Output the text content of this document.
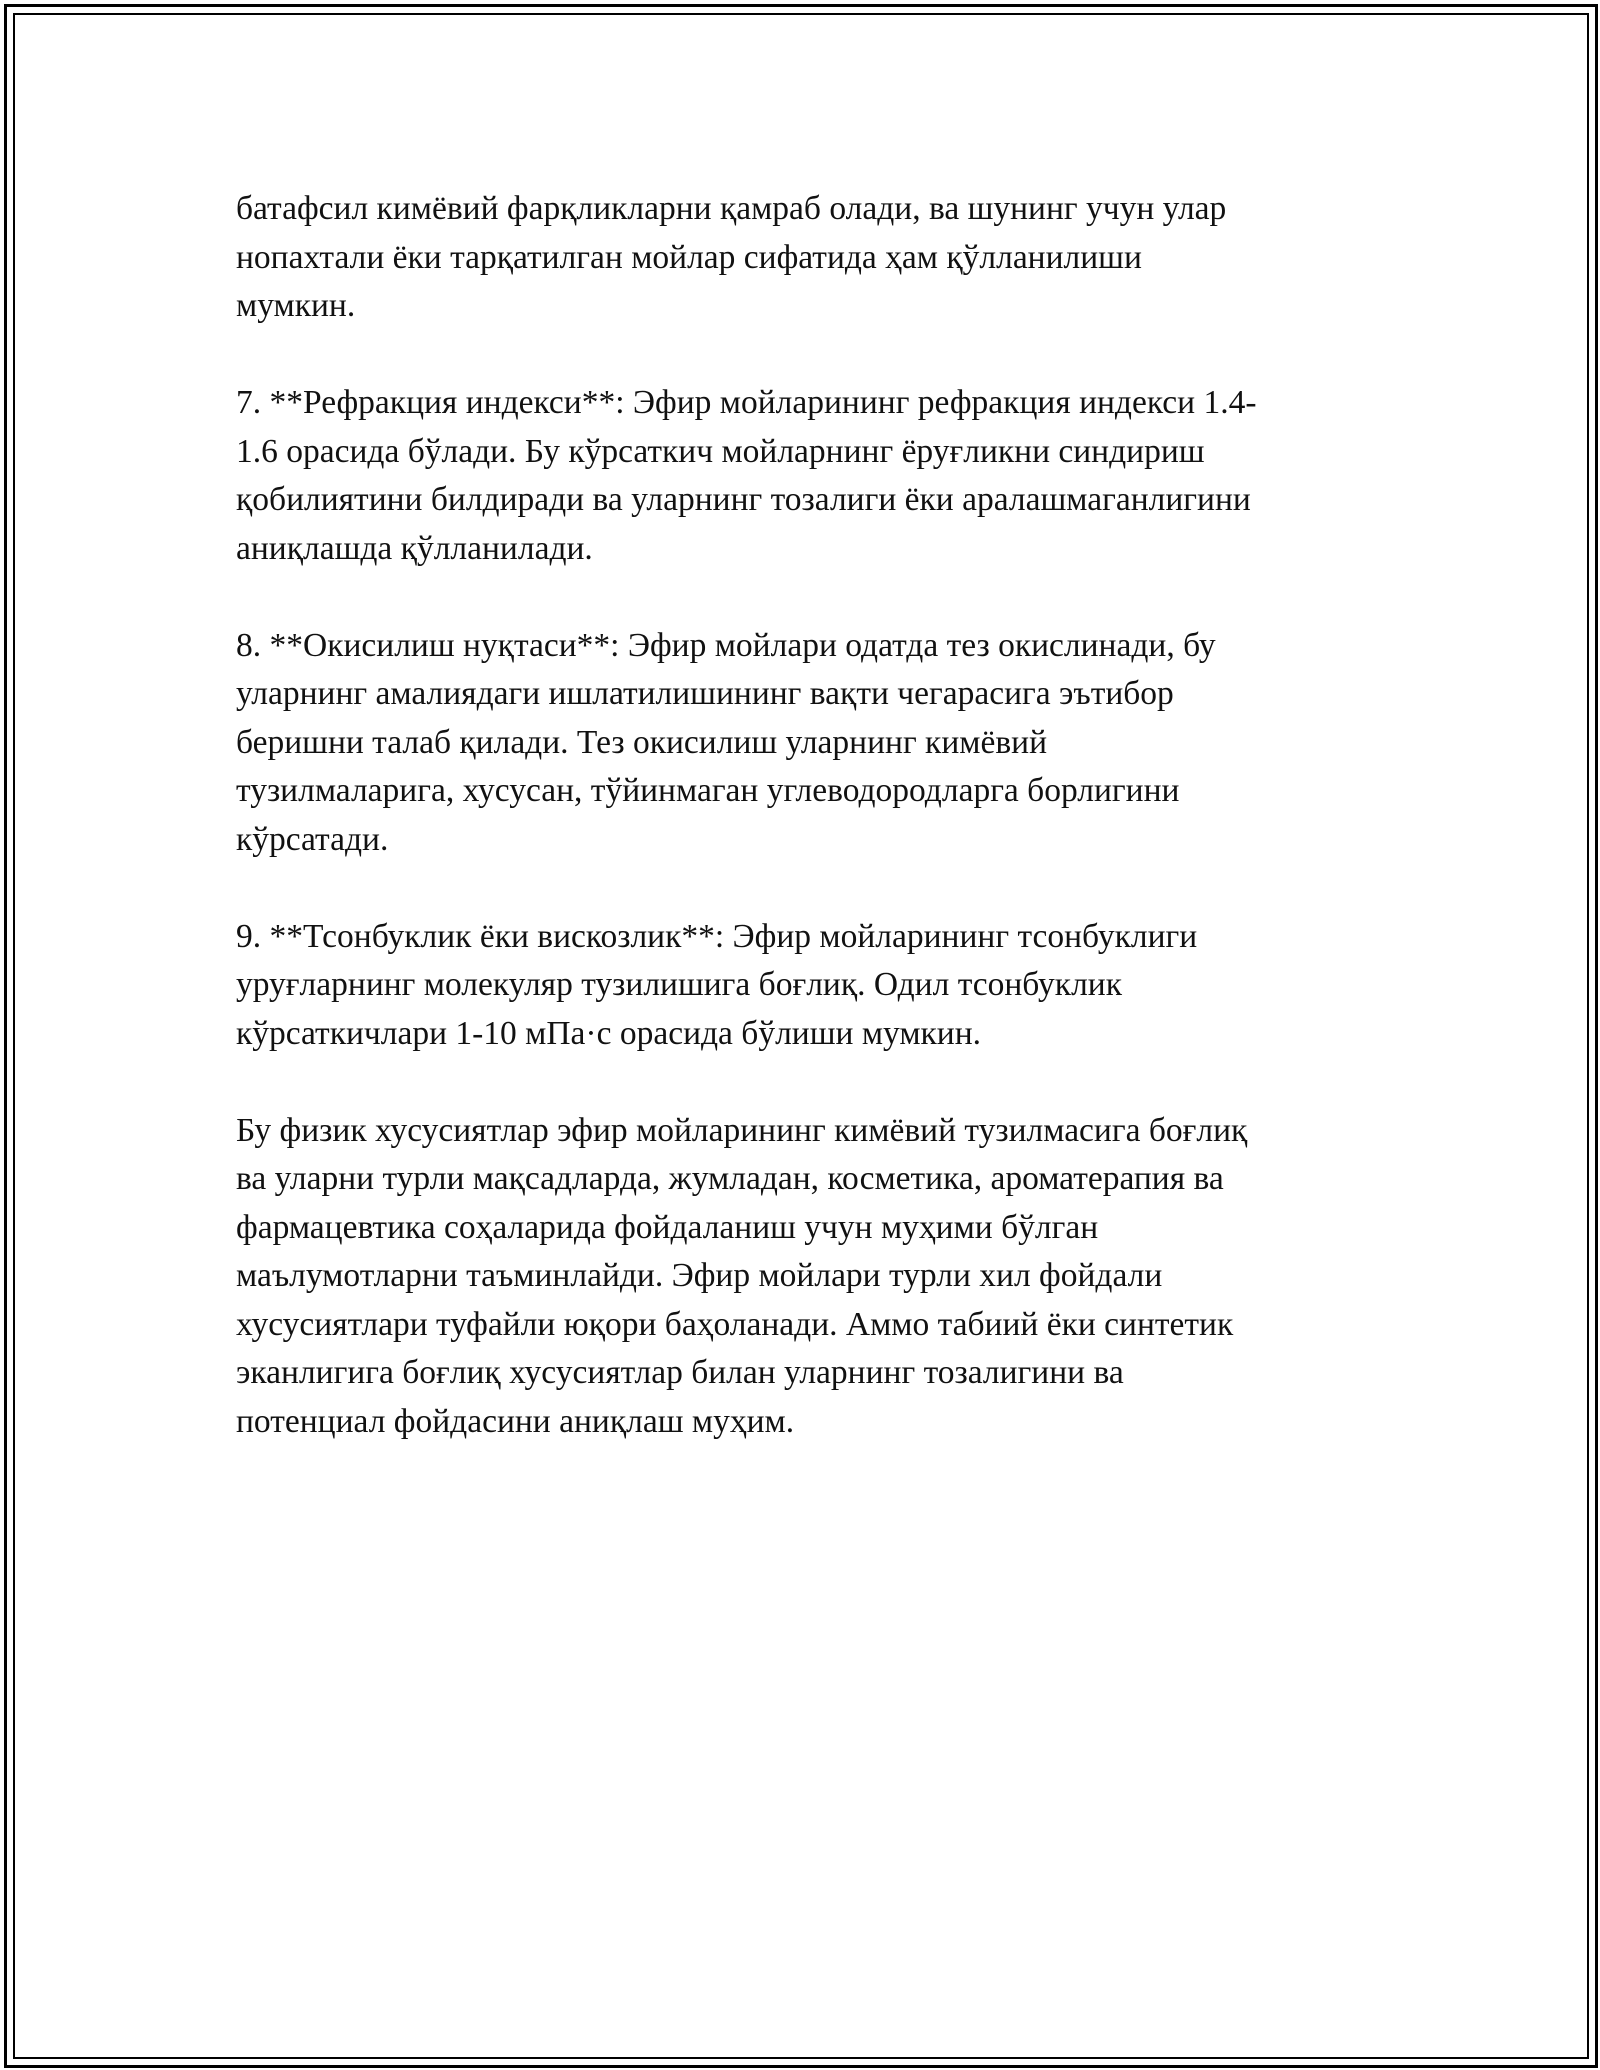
батафсил кимёвий фарқликларни қамраб олади, ва шунинг учун улар
нопахтали ёки тарқатилган мойлар сифатида ҳам қўлланилиши
мумкин.

7. **Рефракция индекси**: Эфир мойларининг рефракция индекси 1.4-
1.6 орасида бўлади. Бу кўрсаткич мойларнинг ёруғликни синдириш
қобилиятини билдиради ва уларнинг тозалиги ёки аралашмаганлигини
аниқлашда қўлланилади.

8. **Окисилиш нуқтаси**: Эфир мойлари одатда тез окислинади, бу
уларнинг амалиядаги ишлатилишининг вақти чегарасига эътибор
беришни талаб қилади. Тез окисилиш уларнинг кимёвий
тузилмаларига, хусусан, тўйинмаган углеводородларга борлигини
кўрсатади.

9. **Тсонбуклик ёки вискозлик**: Эфир мойларининг тсонбуклиги
уруғларнинг молекуляр тузилишига боғлиқ. Одил тсонбуклик
кўрсаткичлари 1-10 мПа·с орасида бўлиши мумкин.

Бу физик хусусиятлар эфир мойларининг кимёвий тузилмасига боғлиқ
ва уларни турли мақсадларда, жумладан, косметика, ароматерапия ва
фармацевтика соҳаларида фойдаланиш учун муҳими бўлган
маълумотларни таъминлайди. Эфир мойлари турли хил фойдали
хусусиятлари туфайли юқори баҳоланади. Аммо табиий ёки синтетик
эканлигига боғлиқ хусусиятлар билан уларнинг тозалигини ва
потенциал фойдасини аниқлаш муҳим.
